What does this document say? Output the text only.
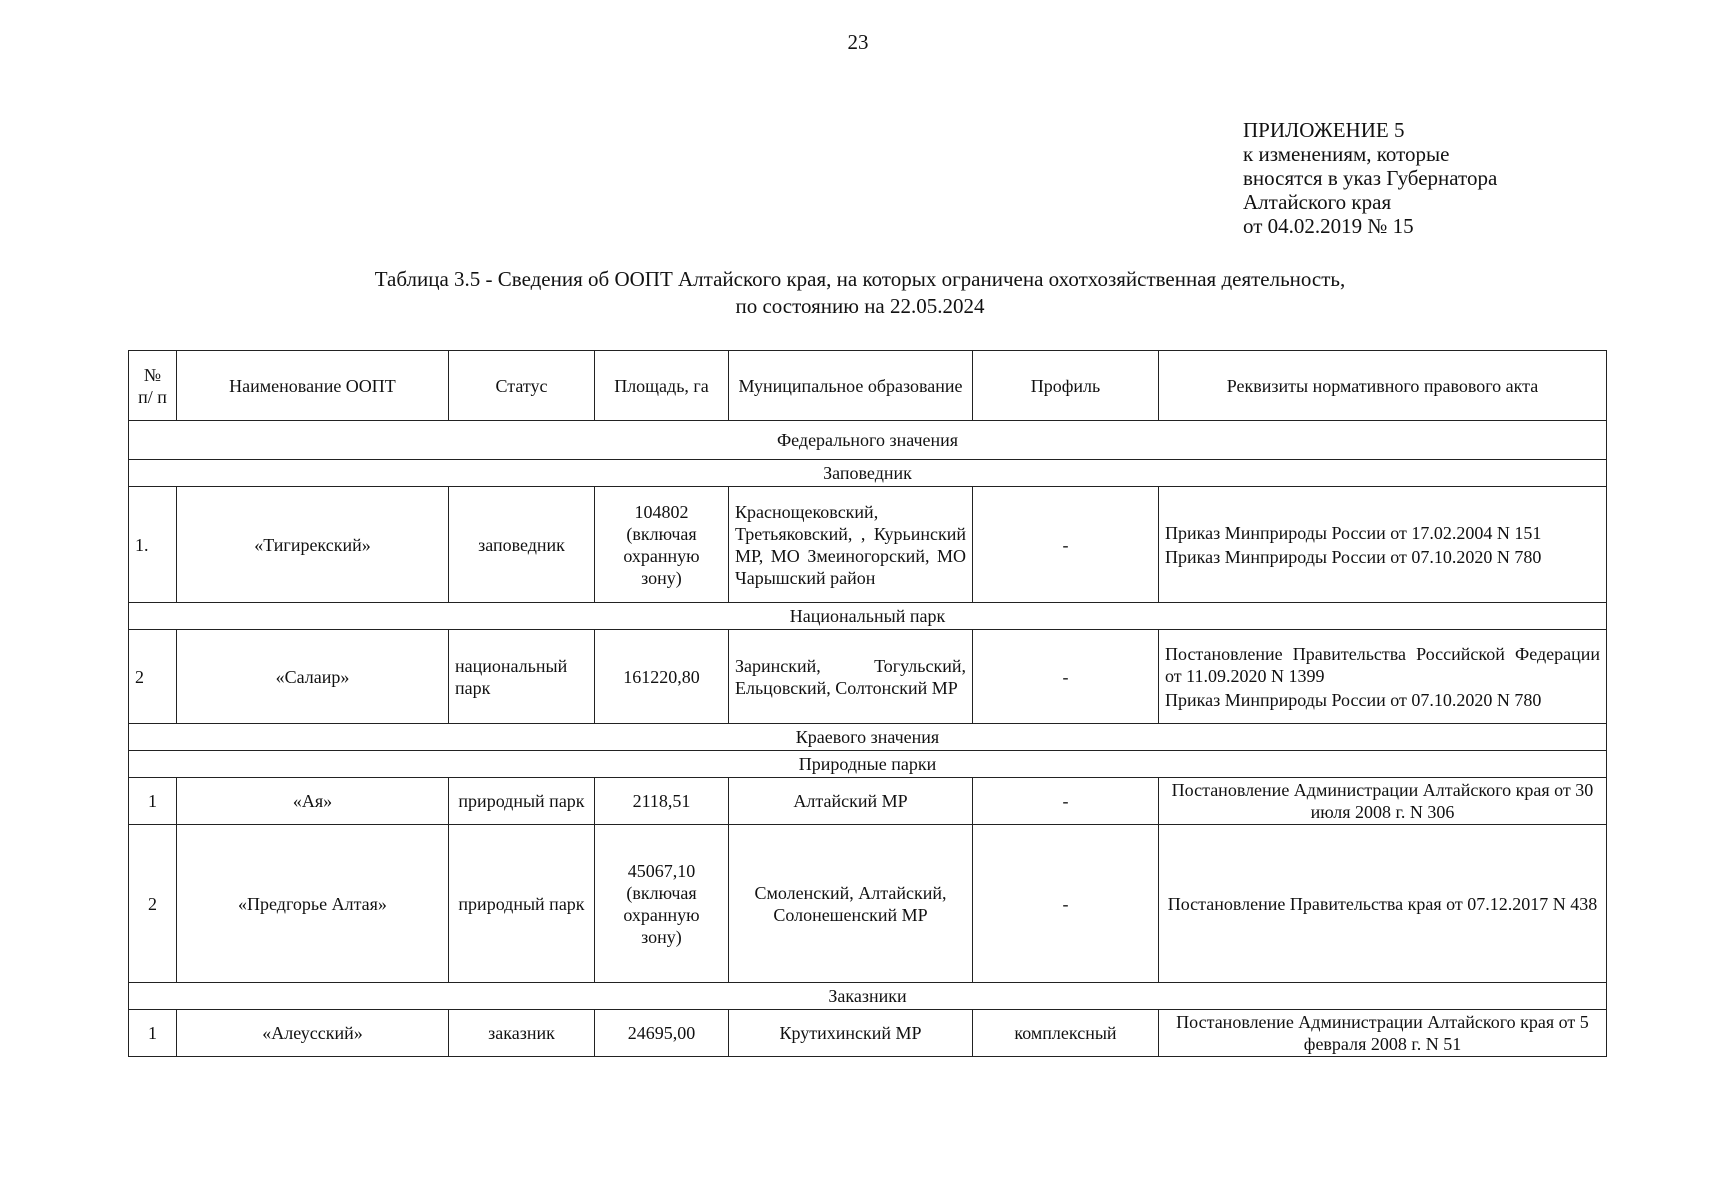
23
ПРИЛОЖЕНИЕ 5
к изменениям, которые
вносятся в указ Губернатора
Алтайского края
от 04.02.2019 № 15
Таблица 3.5 - Сведения об ООПТ Алтайского края, на которых ограничена охотхозяйственная деятельность,
по состоянию на 22.05.2024
№ п/ п	Наименование ООПТ	Статус	Площадь, га	Муниципальное образование	Профиль	Реквизиты нормативного правового акта
Федерального значения						
Заповедник						
1.	«Тигирекский»	заповедник	104802 (включая охранную зону)	Краснощековский, Третьяковский, , Курьинский МР, МО Змеиногорский, МО Чарышский район	-	Приказ Минприроды России от 17.02.2004 N 151

Приказ Минприроды России от 07.10.2020 N 780

Национальный парк						
2	«Салаир»	национальный парк	161220,80	Заринский, Тогульский, Ельцовский, Солтонский МР	-	Постановление Правительства Российской Федерации от 11.09.2020 N 1399

Приказ Минприроды России от 07.10.2020 N 780

Краевого значения						
Природные парки						
1	«Ая»	природный парк	2118,51	Алтайский МР	-	Постановление Администрации Алтайского края от 30 июля 2008 г. N 306
2	«Предгорье Алтая»	природный парк	45067,10 (включая охранную зону)	Смоленский, Алтайский, Солонешенский МР	-	Постановление Правительства края от 07.12.2017 N 438
Заказники						
1	«Алеусский»	заказник	24695,00	Крутихинский МР	комплексный	Постановление Администрации Алтайского края от 5 февраля 2008 г. N 51
